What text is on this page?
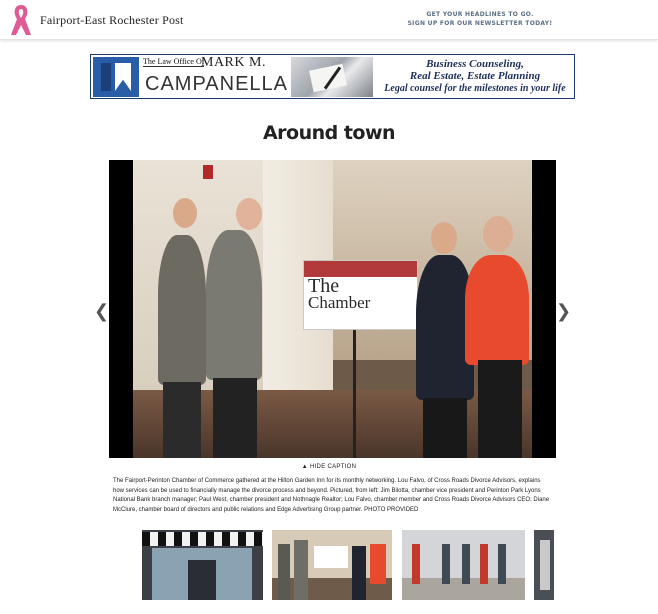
Fairport-East Rochester Post	GET YOUR HEADLINES TO GO.
SIGN UP FOR OUR NEWSLETTER TODAY!
The Law Office Of
MARK M.
CAMPANELLA
Business Counseling,
Real Estate, Estate Planning
Legal counsel for the milestones in your life
Around town
The
Chamber
❮	❯
▲ HIDE CAPTION

The Fairport-Perinton Chamber of Commerce gathered at the Hilton Garden Inn for its monthly networking. Lou Falvo, of Cross Roads Divorce Advisors, explains how services can be used to financially manage the divorce process and beyond. Pictured, from left: Jim Bilotta, chamber vice president and Perinton Park Lyons National Bank branch manager; Paul West, chamber president and Nothnagle Realtor; Lou Falvo, chamber member and Cross Roads Divorce Advisors CEO; Diane McClure, chamber board of directors and public relations and Edge Advertising Group partner. PHOTO PROVIDED
